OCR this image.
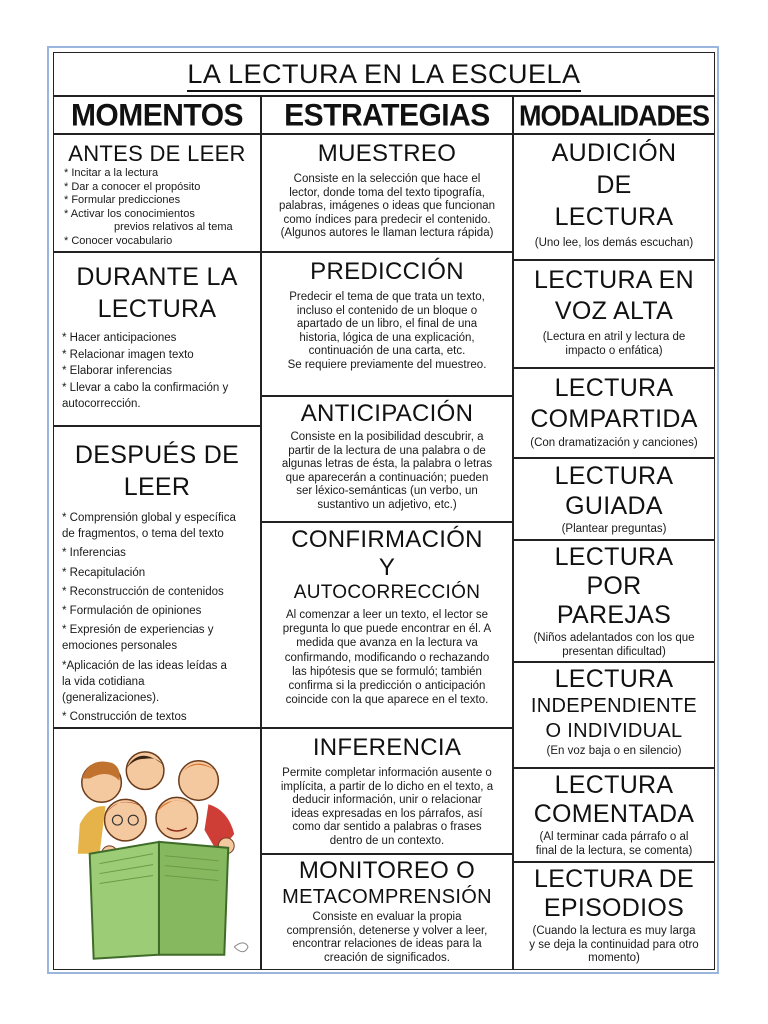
LA LECTURA EN LA ESCUELA
MOMENTOS	ESTRATEGIAS	MODALIDADES
ANTES DE LEER
* Incitar a la lectura
* Dar a conocer el propósito
* Formular predicciones
* Activar los conocimientos
previos relativos al tema
* Conocer vocabulario
DURANTE LA
LECTURA
* Hacer anticipaciones
* Relacionar imagen texto
* Elaborar inferencias
* Llevar a cabo la confirmación y
autocorrección.
DESPUÉS DE
LEER
* Comprensión global y específica
de fragmentos, o tema del texto
* Inferencias
* Recapitulación
* Reconstrucción de contenidos
* Formulación de opiniones
* Expresión de experiencias y
emociones personales
*Aplicación de las ideas leídas a
la vida cotidiana
(generalizaciones).
* Construcción de textos
MUESTREO
Consiste en la selección que hace el
lector, donde toma del texto tipografía,
palabras, imágenes o ideas que funcionan
como índices para predecir el contenido.
(Algunos autores le llaman lectura rápida)
PREDICCIÓN
Predecir el tema de que trata un texto,
incluso el contenido de un bloque o
apartado de un libro, el final de una
historia, lógica de una explicación,
continuación de una carta, etc.
Se requiere previamente del muestreo.
ANTICIPACIÓN
Consiste en la posibilidad descubrir, a
partir de la lectura de una palabra o de
algunas letras de ésta, la palabra o letras
que aparecerán a continuación; pueden
ser léxico-semánticas (un verbo, un
sustantivo un adjetivo, etc.)
CONFIRMACIÓN
Y
AUTOCORRECCIÓN
Al comenzar a leer un texto, el lector se
pregunta lo que puede encontrar en él. A
medida que avanza en la lectura va
confirmando, modificando o rechazando
las hipótesis que se formuló; también
confirma si la predicción o anticipación
coincide con la que aparece en el texto.
INFERENCIA
Permite completar información ausente o
implícita, a partir de lo dicho en el texto, a
deducir información, unir o relacionar
ideas expresadas en los párrafos, así
como dar sentido a palabras o frases
dentro de un contexto.
MONITOREO O
METACOMPRENSIÓN
Consiste en evaluar la propia
comprensión, detenerse y volver a leer,
encontrar relaciones de ideas para la
creación de significados.
AUDICIÓN
DE
LECTURA
(Uno lee, los demás escuchan)
LECTURA EN
VOZ ALTA
(Lectura en atril y lectura de
impacto o enfática)
LECTURA
COMPARTIDA
(Con dramatización y canciones)
LECTURA
GUIADA
(Plantear preguntas)
LECTURA
POR
PAREJAS
(Niños adelantados con los que
presentan dificultad)
LECTURA
INDEPENDIENTE
O INDIVIDUAL
(En voz baja o en silencio)
LECTURA
COMENTADA
(Al terminar cada párrafo o al
final de la lectura, se comenta)
LECTURA DE
EPISODIOS
(Cuando la lectura es muy larga
y se deja la continuidad para otro
momento)
